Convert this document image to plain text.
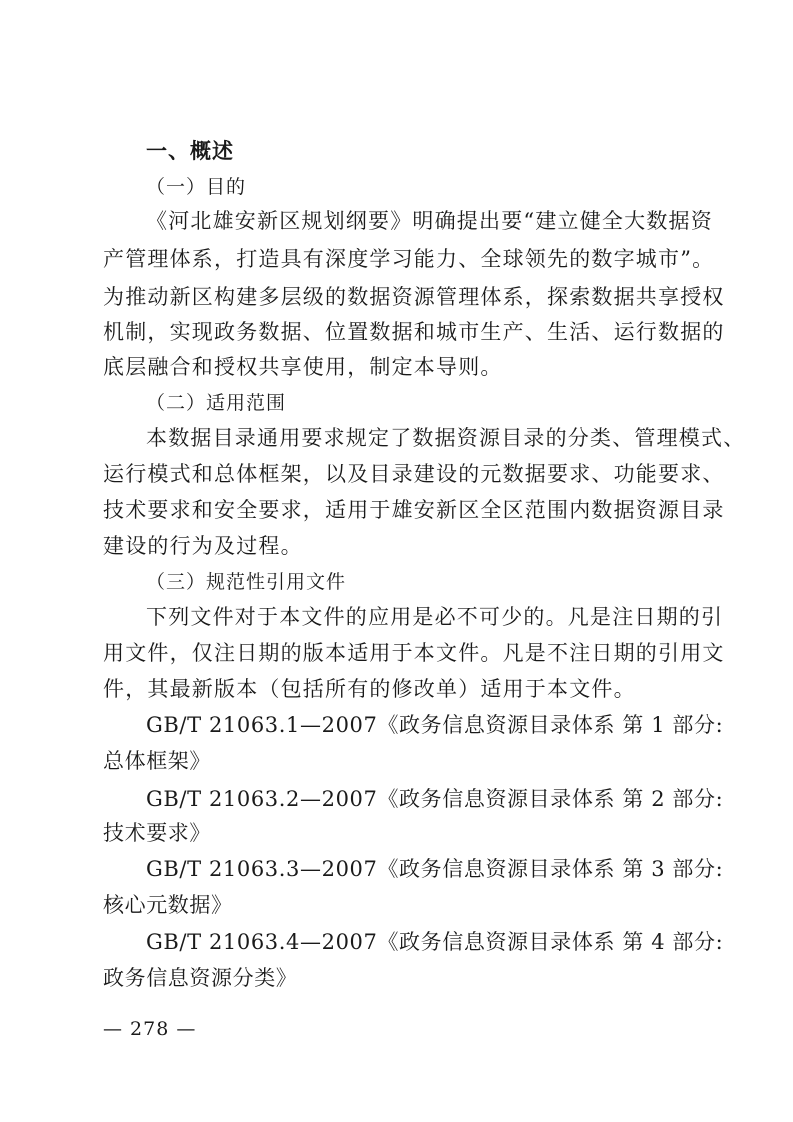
一、概述
（一）目的
《河北雄安新区规划纲要》明确提出要“建立健全大数据资
产管理体系，打造具有深度学习能力、全球领先的数字城市”。
为推动新区构建多层级的数据资源管理体系，探索数据共享授权
机制，实现政务数据、位置数据和城市生产、生活、运行数据的
底层融合和授权共享使用，制定本导则。
（二）适用范围
本数据目录通用要求规定了数据资源目录的分类、管理模式、
运行模式和总体框架，以及目录建设的元数据要求、功能要求、
技术要求和安全要求，适用于雄安新区全区范围内数据资源目录
建设的行为及过程。
（三）规范性引用文件
下列文件对于本文件的应用是必不可少的。凡是注日期的引
用文件，仅注日期的版本适用于本文件。凡是不注日期的引用文
件，其最新版本（包括所有的修改单）适用于本文件。
GB/T 21063.1—2007《政务信息资源目录体系 第 1 部分:
总体框架》
GB/T 21063.2—2007《政务信息资源目录体系 第 2 部分:
技术要求》
GB/T 21063.3—2007《政务信息资源目录体系 第 3 部分:
核心元数据》
GB/T 21063.4—2007《政务信息资源目录体系 第 4 部分:
政务信息资源分类》
— 278 —
